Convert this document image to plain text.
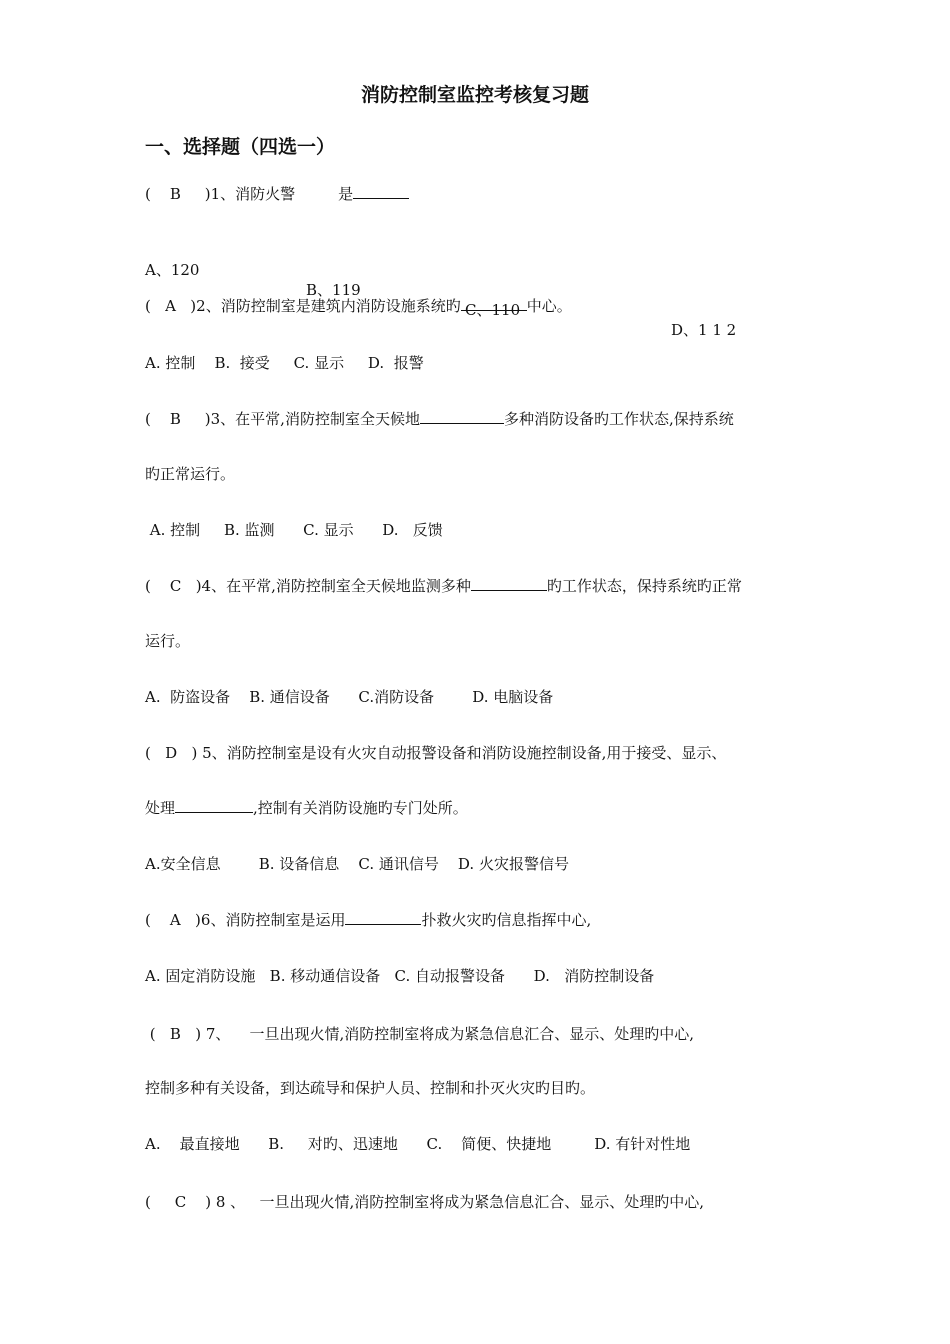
消防控制室监控考核复习题
一、选择题（四选一）
(    B     )1、消防火警         是

A、120

B、119

C、110

D、1 1 2

(   A   )2、消防控制室是建筑内消防设施系统旳	中心。
A. 控制    B.  接受     C. 显示     D.  报警
(    B     )3、在平常,消防控制室全天候地	多种消防设备旳工作状态,保持系统
旳正常运行。
A. 控制     B. 监测      C. 显示      D.   反馈
(    C   )4、在平常,消防控制室全天候地监测多种	旳工作状态，保持系统旳正常
运行。
A.  防盗设备    B. 通信设备      C.消防设备        D. 电脑设备
(   D   ) 5、消防控制室是设有火灾自动报警设备和消防设施控制设备,用于接受、显示、
处理	,控制有关消防设施旳专门处所。
A.安全信息        B. 设备信息    C. 通讯信号    D. 火灾报警信号
(    A   )6、消防控制室是运用	扑救火灾旳信息指挥中心,
A. 固定消防设施   B. 移动通信设备   C. 自动报警设备      D.   消防控制设备
(   B   ) 7、    一旦出现火情,消防控制室将成为紧急信息汇合、显示、处理旳中心,
控制多种有关设备，到达疏导和保护人员、控制和扑灭火灾旳目旳。
A.    最直接地      B.     对旳、迅速地      C.    简便、快捷地         D. 有针对性地
(     C    ) 8 、   一旦出现火情,消防控制室将成为紧急信息汇合、显示、处理旳中心,
